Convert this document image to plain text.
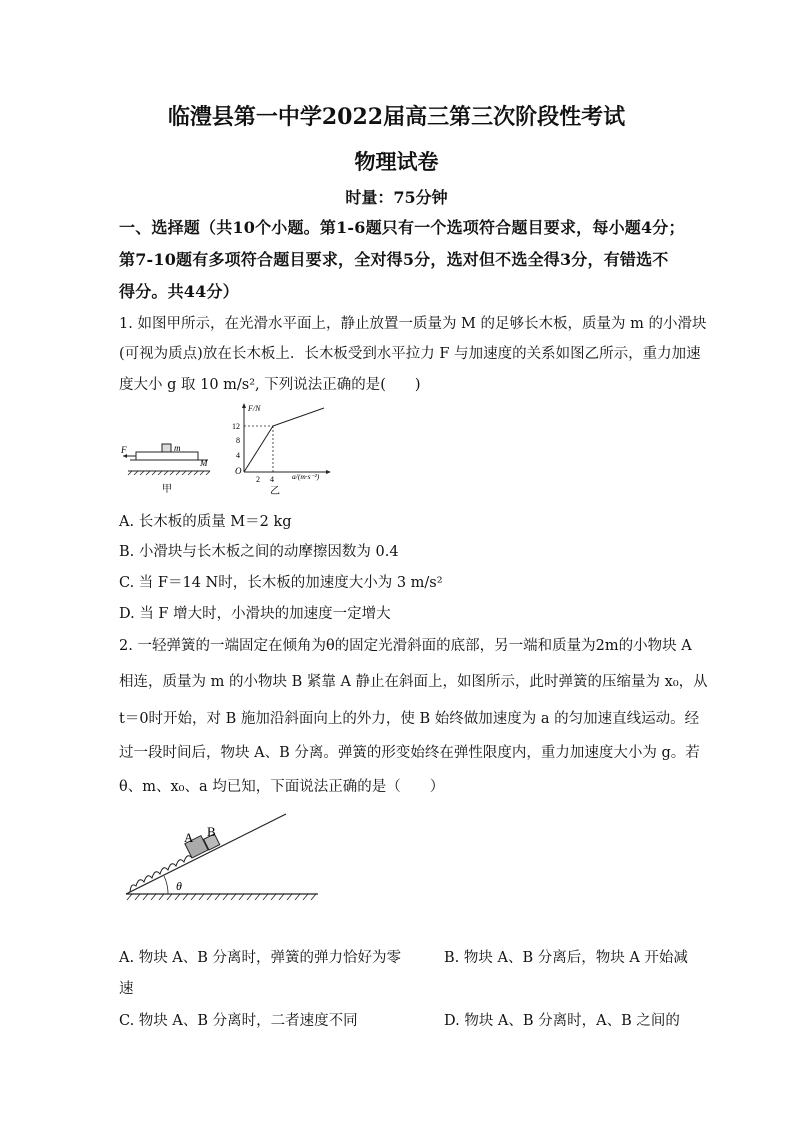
临澧县第一中学2022届高三第三次阶段性考试
物理试卷
时量：75分钟
一、选择题（共10个小题。第1-6题只有一个选项符合题目要求，每小题4分；
第7-10题有多项符合题目要求，全对得5分，选对但不选全得3分，有错选不
得分。共44分）
1. 如图甲所示，在光滑水平面上，静止放置一质量为 M 的足够长木板，质量为 m 的小滑块
(可视为质点)放在长木板上．长木板受到水平拉力 F 与加速度的关系如图乙所示，重力加速
度大小 g 取 10 m/s², 下列说法正确的是(　　)
F	m
M
甲
F/N
12
8
4
O
2 4 a/(m·s⁻²)
乙
A. 长木板的质量 M＝2 kg
B. 小滑块与长木板之间的动摩擦因数为 0.4
C. 当 F＝14 N时，长木板的加速度大小为 3 m/s²
D. 当 F 增大时，小滑块的加速度一定增大
2. 一轻弹簧的一端固定在倾角为θ的固定光滑斜面的底部，另一端和质量为2m的小物块 A
相连，质量为 m 的小物块 B 紧靠 A 静止在斜面上，如图所示，此时弹簧的压缩量为 x₀，从
t＝0时开始，对 B 施加沿斜面向上的外力，使 B 始终做加速度为 a 的匀加速直线运动。经
过一段时间后，物块 A、B 分离。弹簧的形变始终在弹性限度内，重力加速度大小为 g。若
θ、m、x₀、a 均已知，下面说法正确的是（　　）
A B
θ
A. 物块 A、B 分离时，弹簧的弹力恰好为零	B. 物块 A、B 分离后，物块 A 开始减
速
C. 物块 A、B 分离时，二者速度不同	D. 物块 A、B 分离时，A、B 之间的
